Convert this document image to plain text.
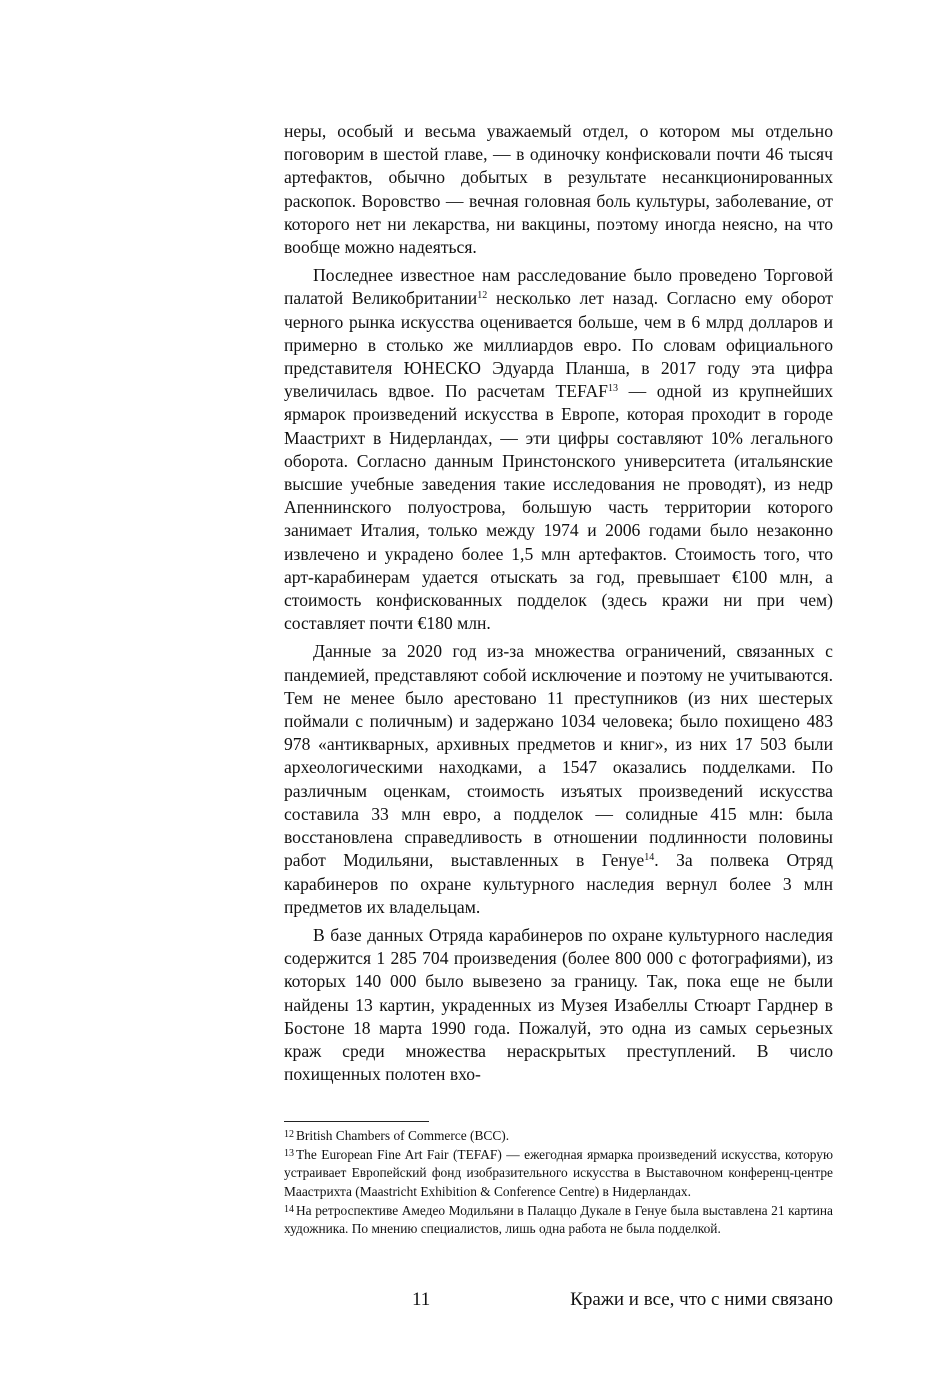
неры, особый и весьма уважаемый отдел, о котором мы отдельно поговорим в шестой главе, — в одиночку конфисковали почти 46 тысяч артефактов, обычно добытых в результате несанкционированных раскопок. Воровство — вечная головная боль культуры, заболевание, от которого нет ни лекарства, ни вакцины, поэтому иногда неясно, на что вообще можно надеяться.

Последнее известное нам расследование было проведено Торговой палатой Великобритании$^{12}$ несколько лет назад. Согласно ему оборот черного рынка искусства оценивается больше, чем в 6 млрд долларов и примерно в столько же миллиардов евро. По словам официального представителя ЮНЕСКО Эдуарда Планша, в 2017 году эта цифра увеличилась вдвое. По расчетам TEFAF$^{13}$ — одной из крупнейших ярмарок произведений искусства в Европе, которая проходит в городе Маастрихт в Нидерландах, — эти цифры составляют 10% легального оборота. Согласно данным Принстонского университета (итальянские высшие учебные заведения такие исследования не проводят), из недр Апеннинского полуострова, большую часть территории которого занимает Италия, только между 1974 и 2006 годами было незаконно извлечено и украдено более 1,5 млн артефактов. Стоимость того, что арт-карабинерам удается отыскать за год, превышает €100 млн, а стоимость конфискованных подделок (здесь кражи ни при чем) составляет почти €180 млн.

Данные за 2020 год из-за множества ограничений, связанных с пандемией, представляют собой исключение и поэтому не учитываются. Тем не менее было арестовано 11 преступников (из них шестерых поймали с поличным) и задержано 1034 человека; было похищено 483 978 «антикварных, архивных предметов и книг», из них 17 503 были археологическими находками, а 1547 оказались подделками. По различным оценкам, стоимость изъятых произведений искусства составила 33 млн евро, а подделок — солидные 415 млн: была восстановлена справедливость в отношении подлинности половины работ Модильяни, выставленных в Генуе$^{14}$. За полвека Отряд карабинеров по охране культурного наследия вернул более 3 млн предметов их владельцам.

В базе данных Отряда карабинеров по охране культурного наследия содержится 1 285 704 произведения (более 800 000 с фотографиями), из которых 140 000 было вывезено за границу. Так, пока еще не были найдены 13 картин, украденных из Музея Изабеллы Стюарт Гарднер в Бостоне 18 марта 1990 года. Пожалуй, это одна из самых серьезных краж среди множества нераскрытых преступлений. В число похищенных полотен вхо-

$^{12}$ British Chambers of Commerce (BCC).

$^{13}$ The European Fine Art Fair (TEFAF) — ежегодная ярмарка произведений искусства, которую устраивает Европейский фонд изобразительного искусства в Выставочном конференц-центре Маастрихта (Maastricht Exhibition & Conference Centre) в Нидерландах.

$^{14}$ На ретроспективе Амедео Модильяни в Палаццо Дукале в Генуе была выставлена 21 картина художника. По мнению специалистов, лишь одна работа не была подделкой.

11	Кражи и все, что с ними связано
